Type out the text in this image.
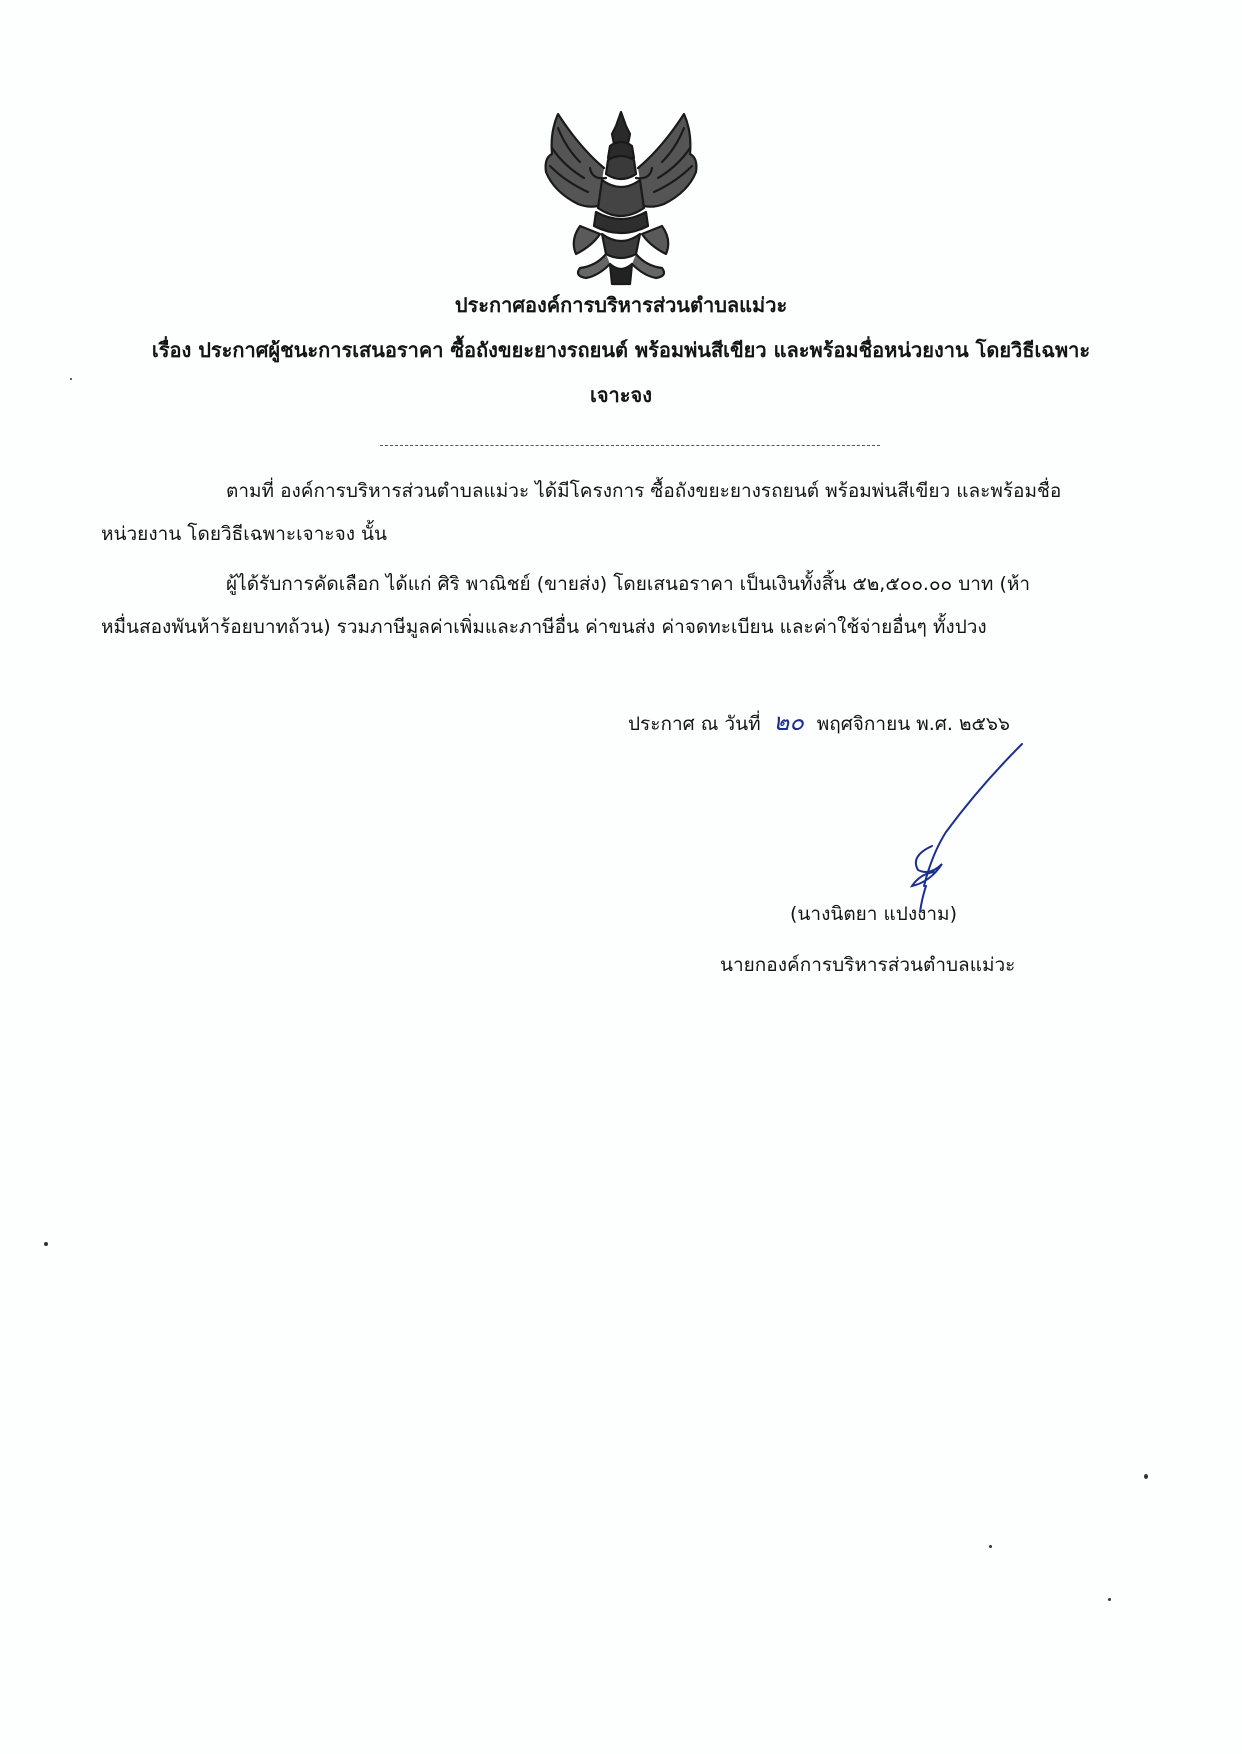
ประกาศองค์การบริหารส่วนตำบลแม่วะ
เรื่อง ประกาศผู้ชนะการเสนอราคา ซื้อถังขยะยางรถยนต์ พร้อมพ่นสีเขียว และพร้อมชื่อหน่วยงาน โดยวิธีเฉพาะ
เจาะจง
ตามที่ องค์การบริหารส่วนตำบลแม่วะ ได้มีโครงการ ซื้อถังขยะยางรถยนต์ พร้อมพ่นสีเขียว และพร้อมชื่อ
หน่วยงาน โดยวิธีเฉพาะเจาะจง นั้น
ผู้ได้รับการคัดเลือก ได้แก่ ศิริ พาณิชย์ (ขายส่ง) โดยเสนอราคา เป็นเงินทั้งสิ้น ๕๒,๕๐๐.๐๐ บาท (ห้า
หมื่นสองพันห้าร้อยบาทถ้วน) รวมภาษีมูลค่าเพิ่มและภาษีอื่น ค่าขนส่ง ค่าจดทะเบียน และค่าใช้จ่ายอื่นๆ ทั้งปวง
ประกาศ ณ วันที่ ๒๐ พฤศจิกายน พ.ศ. ๒๕๖๖
(นางนิตยา แปงงาม)
นายกองค์การบริหารส่วนตำบลแม่วะ
